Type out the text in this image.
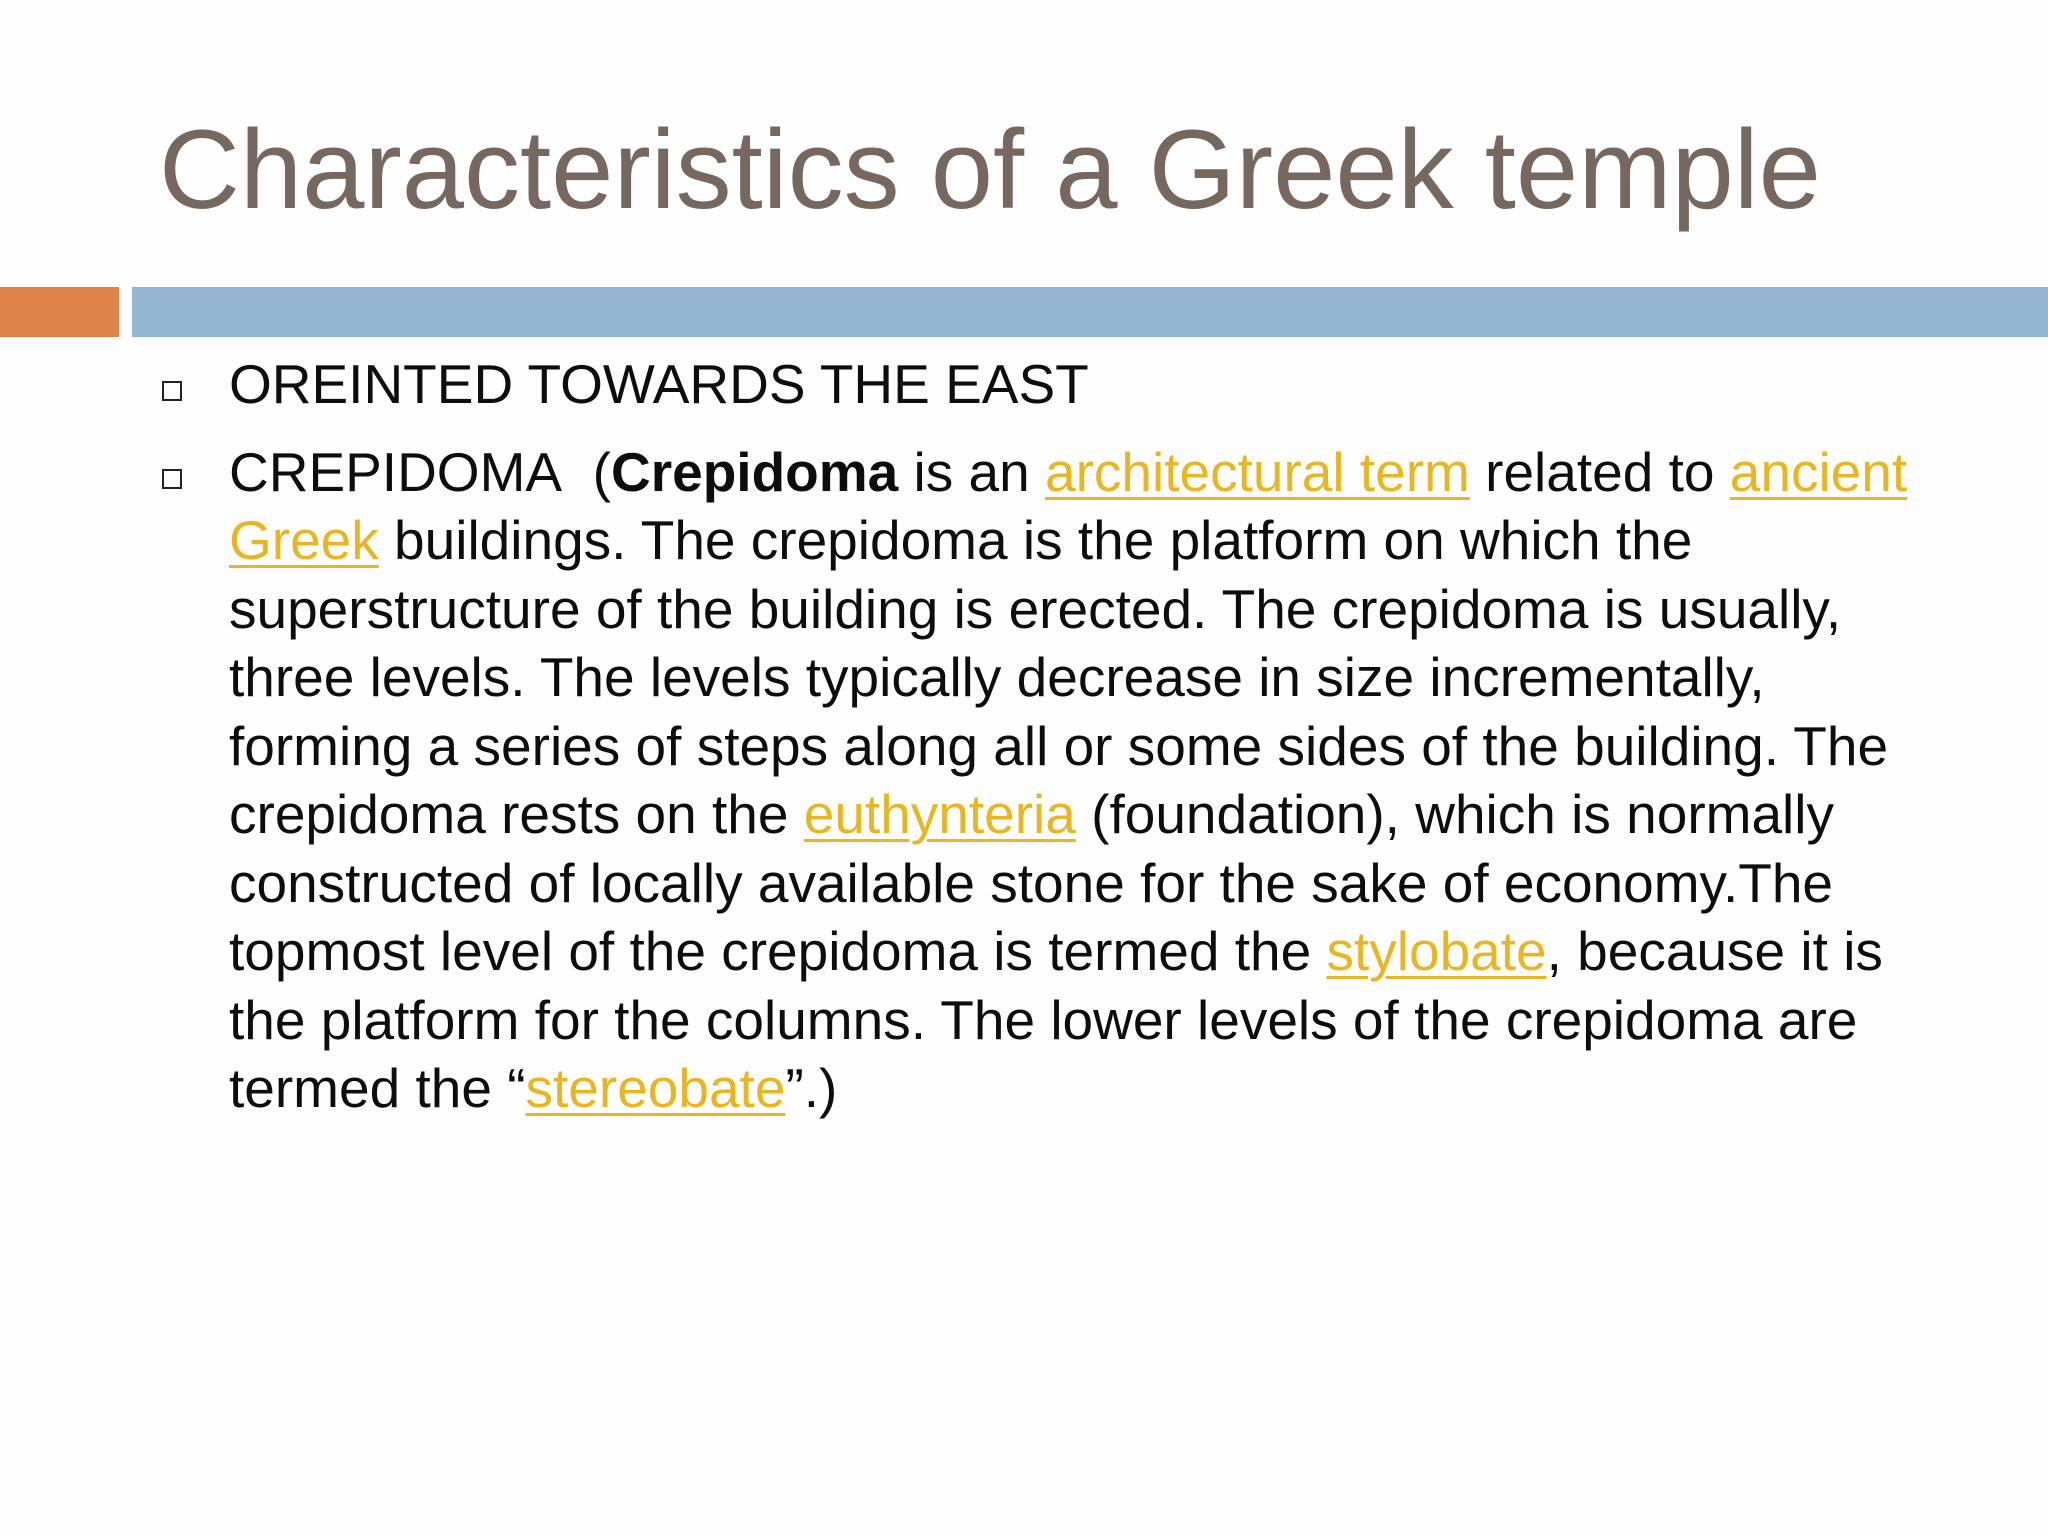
Characteristics of a Greek temple
OREINTED TOWARDS THE EAST
CREPIDOMA (Crepidoma is an architectural term related to ancient Greek buildings. The crepidoma is the platform on which the superstructure of the building is erected. The crepidoma is usually, three levels. The levels typically decrease in size incrementally, forming a series of steps along all or some sides of the building. The crepidoma rests on the euthynteria (foundation), which is normally constructed of locally available stone for the sake of economy.The topmost level of the crepidoma is termed the stylobate, because it is the platform for the columns. The lower levels of the crepidoma are termed the “stereobate”.)
